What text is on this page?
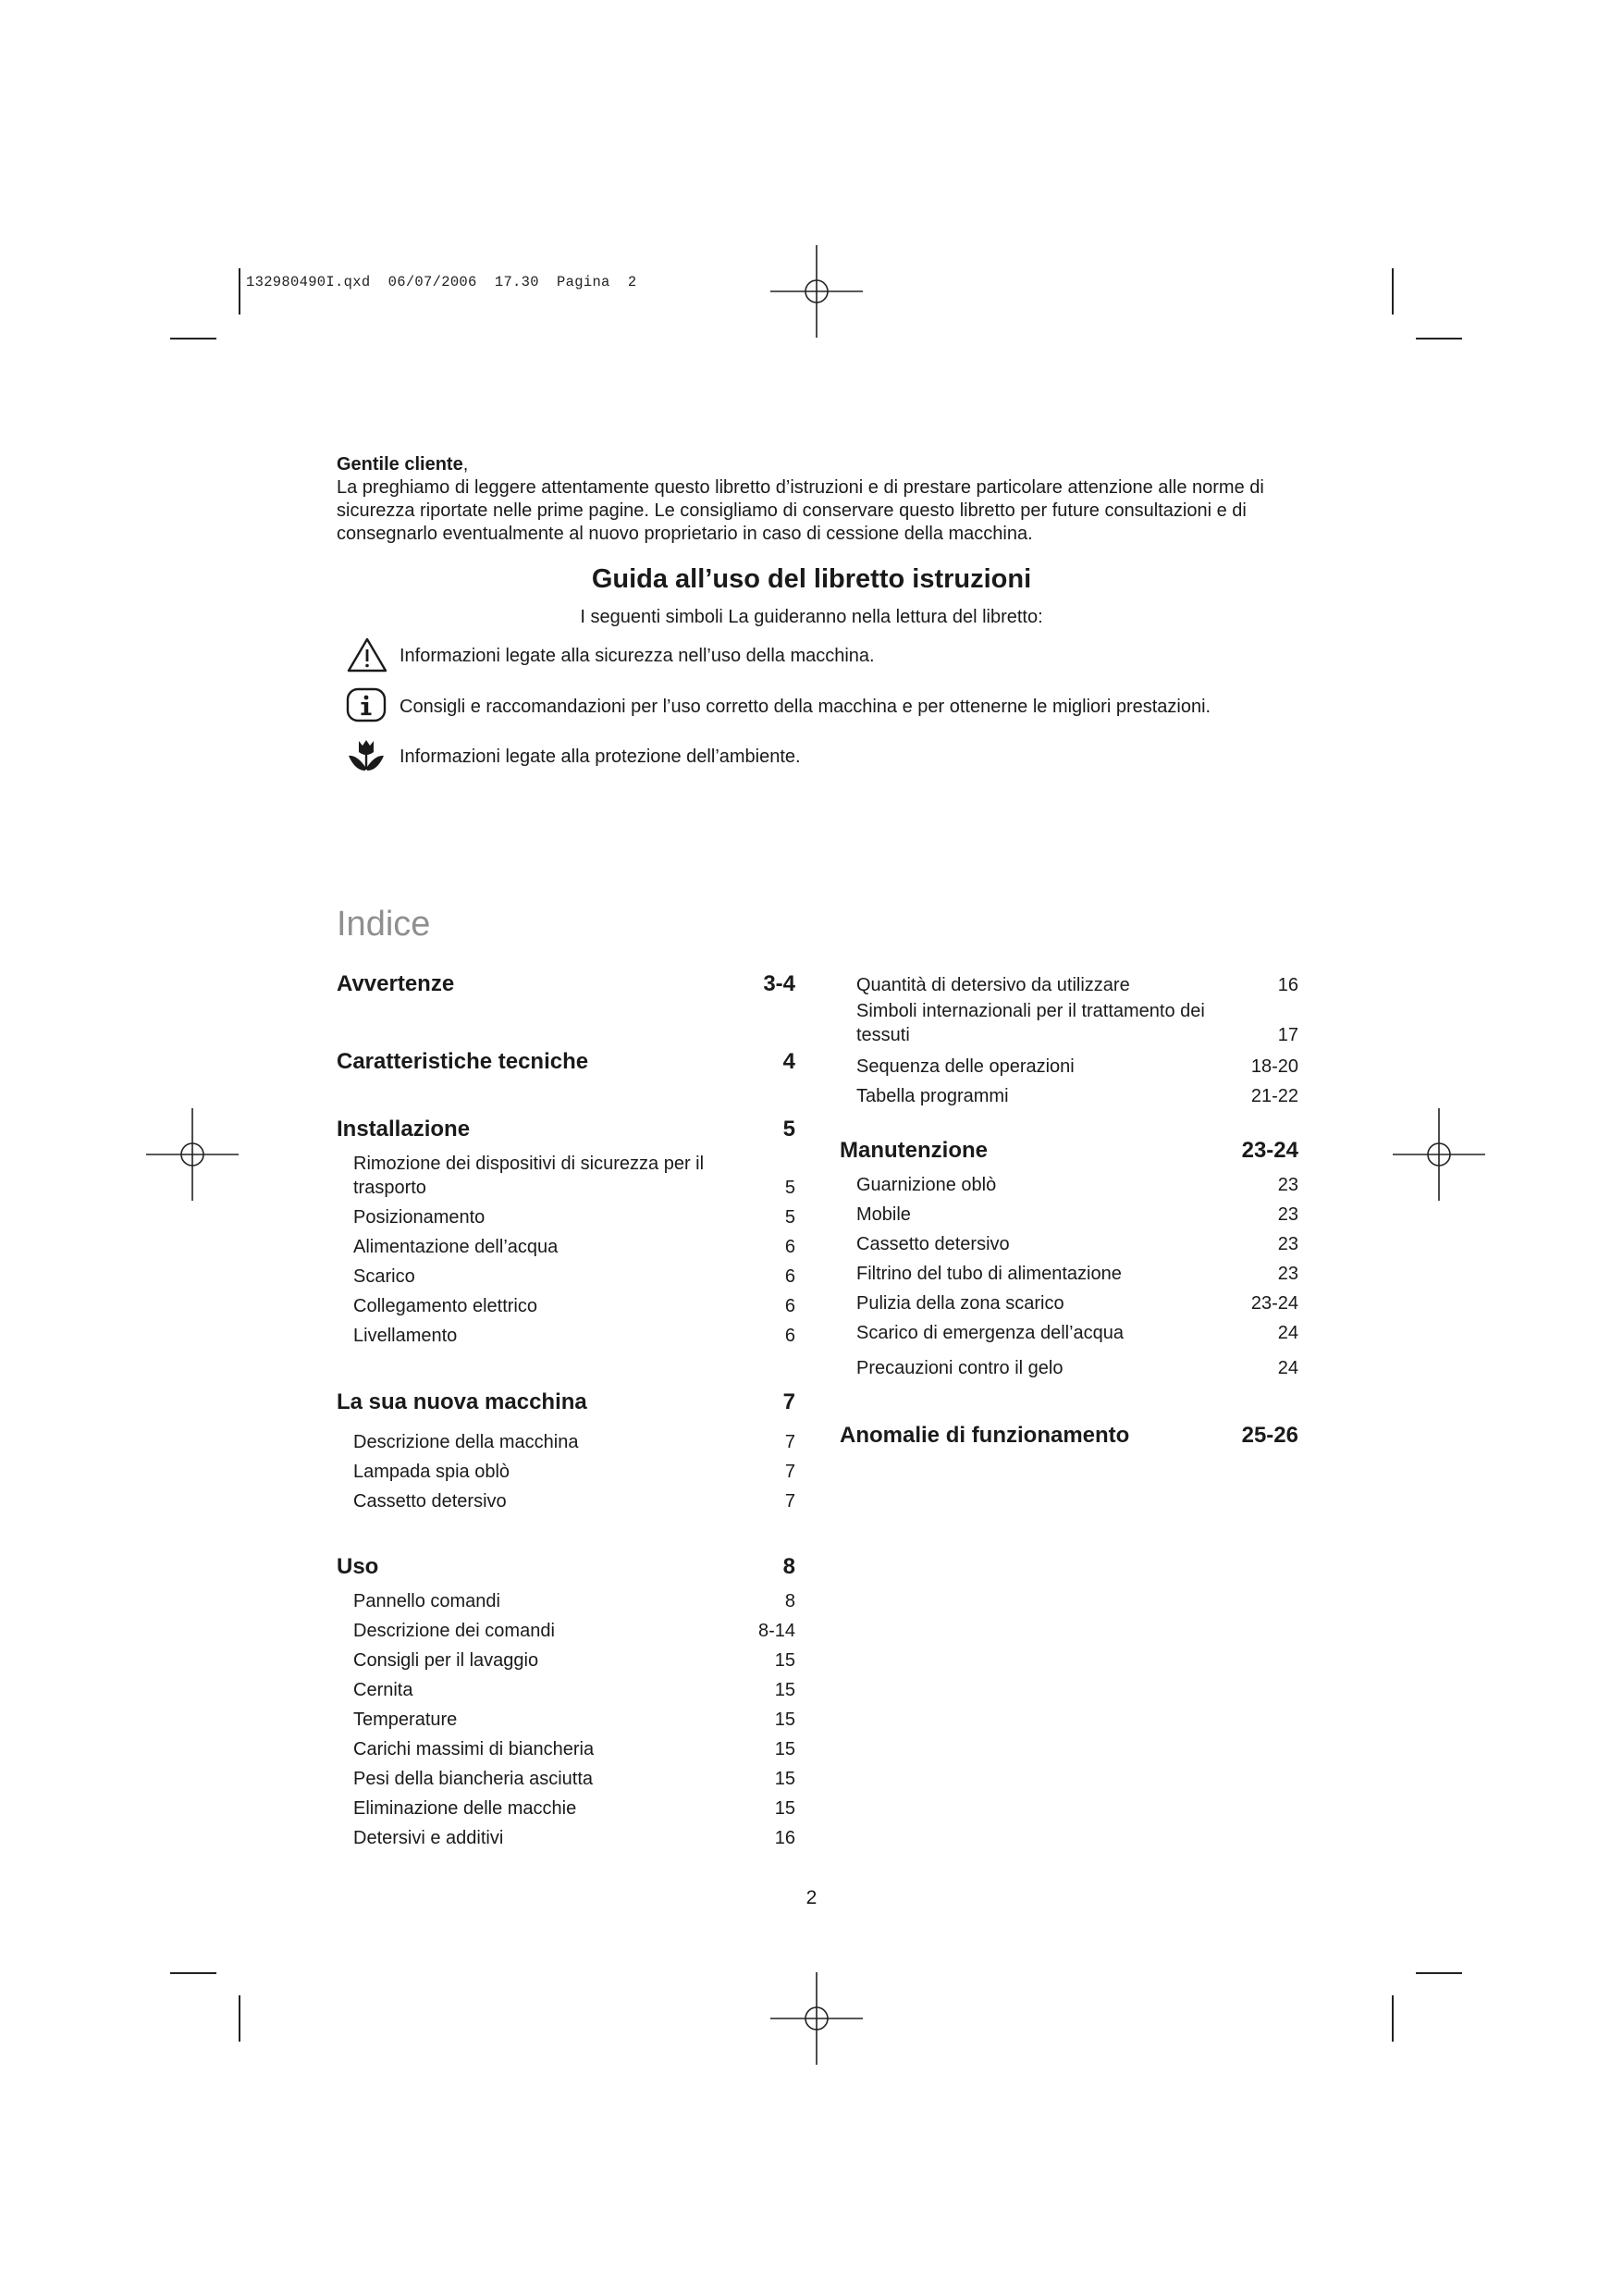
132980490I.qxd  06/07/2006  17.30  Pagina  2

Gentile cliente,

La preghiamo di leggere attentamente questo libretto d’istruzioni e di prestare particolare attenzione alle norme di sicurezza riportate nelle prime pagine. Le consigliamo di conservare questo libretto per future consultazioni e di consegnarlo eventualmente al nuovo proprietario in caso di cessione della macchina.

Guida all’uso del libretto istruzioni
I seguenti simboli La guideranno nella lettura del libretto:
Informazioni legate alla sicurezza nell’uso della macchina.
Consigli e raccomandazioni per l’uso corretto della macchina e per ottenerne le migliori prestazioni.
Informazioni legate alla protezione dell’ambiente.
Indice
Avvertenze	3-4
Caratteristiche tecniche	4
Installazione	5
Rimozione dei dispositivi di sicurezza per il trasporto	5
Posizionamento	5
Alimentazione dell’acqua	6
Scarico	6
Collegamento elettrico	6
Livellamento	6
La sua nuova macchina	7
Descrizione della macchina	7
Lampada spia oblò	7
Cassetto detersivo	7
Uso	8
Pannello comandi	8
Descrizione dei comandi	8-14
Consigli per il lavaggio	15
Cernita	15
Temperature	15
Carichi massimi di biancheria	15
Pesi della biancheria asciutta	15
Eliminazione delle macchie	15
Detersivi e additivi	16
Quantità di detersivo da utilizzare	16
Simboli internazionali per il trattamento dei tessuti	17
Sequenza delle operazioni	18-20
Tabella programmi	21-22
Manutenzione	23-24
Guarnizione oblò	23
Mobile	23
Cassetto detersivo	23
Filtrino del tubo di alimentazione	23
Pulizia della zona scarico	23-24
Scarico di emergenza dell’acqua	24
Precauzioni contro il gelo	24
Anomalie di funzionamento	25-26
2
